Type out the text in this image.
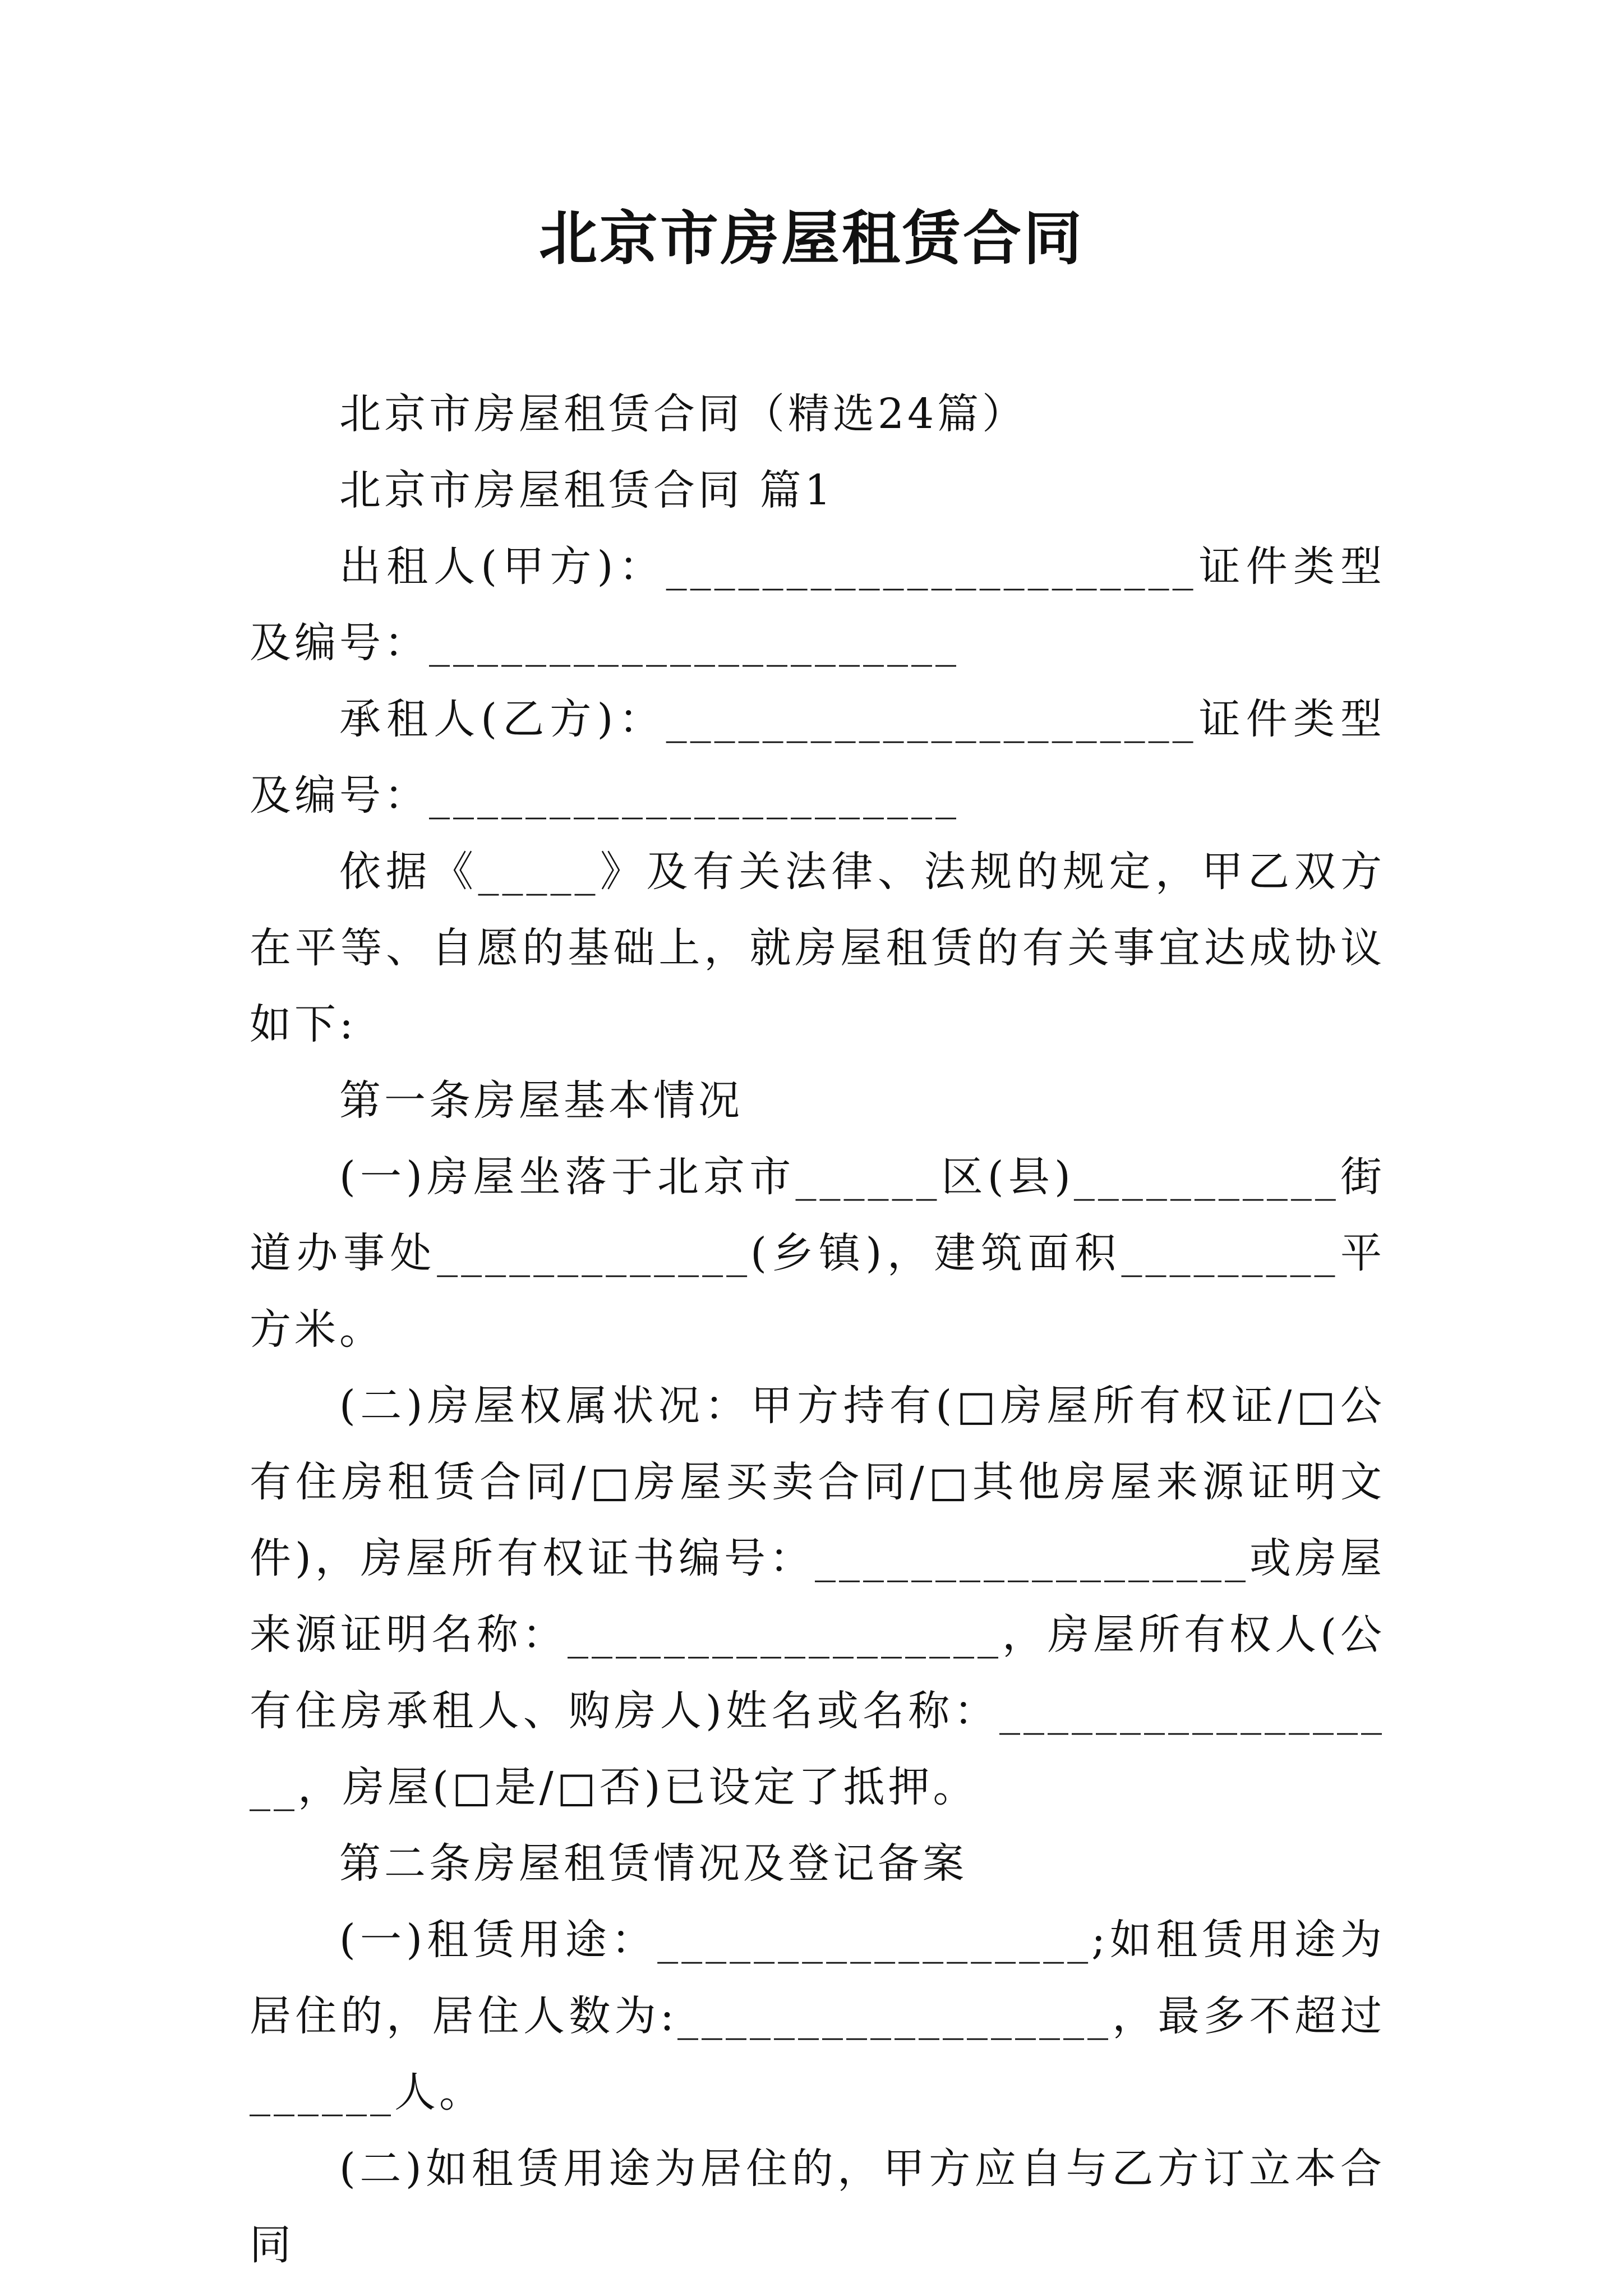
北京市房屋租赁合同

北京市房屋租赁合同（精选24篇）

北京市房屋租赁合同 篇1

出租人(甲方)：______________________证件类型及编号：______________________

承租人(乙方)：______________________证件类型及编号：______________________

依据《_____》及有关法律、法规的规定，甲乙双方在平等、自愿的基础上，就房屋租赁的有关事宜达成协议如下:

第一条房屋基本情况

(一)房屋坐落于北京市______区(县)___________街道办事处_____________(乡镇)，建筑面积_________平方米。

(二)房屋权属状况：甲方持有(□房屋所有权证/□公有住房租赁合同/□房屋买卖合同/□其他房屋来源证明文件)，房屋所有权证书编号：__________________或房屋来源证明名称：__________________，房屋所有权人(公有住房承租人、购房人)姓名或名称：__________________，房屋(□是/□否)已设定了抵押。

第二条房屋租赁情况及登记备案

(一)租赁用途：__________________;如租赁用途为居住的，居住人数为:__________________，最多不超过______人。

(二)如租赁用途为居住的，甲方应自与乙方订立本合同
